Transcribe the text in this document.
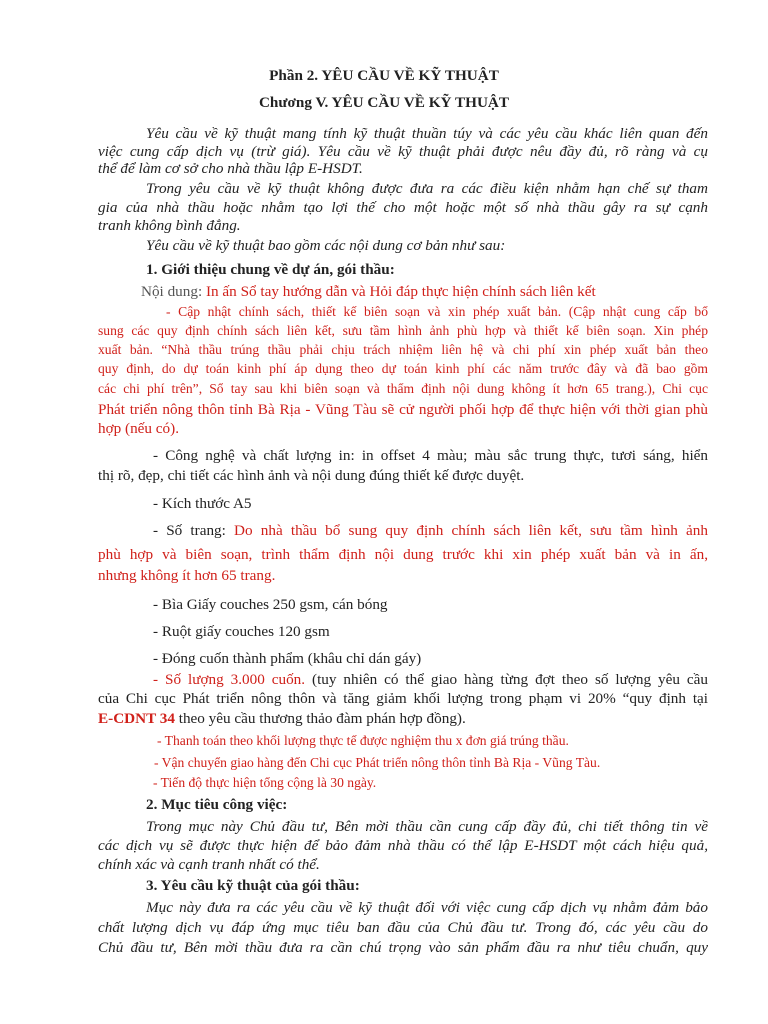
Phần 2. YÊU CẦU VỀ KỸ THUẬT
Chương V. YÊU CẦU VỀ KỸ THUẬT
Yêu cầu về kỹ thuật mang tính kỹ thuật thuần túy và các yêu cầu khác liên quan đến
việc cung cấp dịch vụ (trừ giá). Yêu cầu về kỹ thuật phải được nêu đầy đủ, rõ ràng và cụ
thể để làm cơ sở cho nhà thầu lập E-HSDT.
Trong yêu cầu về kỹ thuật không được đưa ra các điều kiện nhằm hạn chế sự tham
gia của nhà thầu hoặc nhằm tạo lợi thế cho một hoặc một số nhà thầu gây ra sự cạnh
tranh không bình đẳng.
Yêu cầu về kỹ thuật bao gồm các nội dung cơ bản như sau:
1. Giới thiệu chung về dự án, gói thầu:
Nội dung: In ấn Sổ tay hướng dẫn và Hỏi đáp thực hiện chính sách liên kết
- Cập nhật chính sách, thiết kế biên soạn và xin phép xuất bản. (Cập nhật cung cấp bổ
sung các quy định chính sách liên kết, sưu tầm hình ảnh phù hợp và thiết kế biên soạn. Xin phép
xuất bản. “Nhà thầu trúng thầu phải chịu trách nhiệm liên hệ và chi phí xin phép xuất bản theo
quy định, do dự toán kinh phí áp dụng theo dự toán kinh phí các năm trước đây và đã bao gồm
các chi phí trên”, Sổ tay sau khi biên soạn và thẩm định nội dung không ít hơn 65 trang.), Chi cục
Phát triển nông thôn tỉnh Bà Rịa - Vũng Tàu sẽ cử người phối hợp để thực hiện với thời gian phù
hợp (nếu có).
- Công nghệ và chất lượng in: in offset 4 màu; màu sắc trung thực, tươi sáng, hiển
thị rõ, đẹp, chi tiết các hình ảnh và nội dung đúng thiết kế được duyệt.
- Kích thước A5
- Số trang: Do nhà thầu bổ sung quy định chính sách liên kết, sưu tầm hình ảnh
phù hợp và biên soạn, trình thẩm định nội dung trước khi xin phép xuất bản và in ấn,
nhưng không ít hơn 65 trang.
- Bìa Giấy couches 250 gsm, cán bóng
- Ruột giấy couches 120 gsm
- Đóng cuốn thành phẩm (khâu chỉ dán gáy)
- Số lượng 3.000 cuốn. (tuy nhiên có thể giao hàng từng đợt theo số lượng yêu cầu
của Chi cục Phát triển nông thôn và tăng giảm khối lượng trong phạm vi 20% “quy định tại
E-CDNT 34 theo yêu cầu thương thảo đàm phán hợp đồng).
- Thanh toán theo khối lượng thực tế được nghiệm thu x đơn giá trúng thầu.
- Vận chuyển giao hàng đến Chi cục Phát triển nông thôn tỉnh Bà Rịa - Vũng Tàu.
- Tiến độ thực hiện tổng cộng là 30 ngày.
2. Mục tiêu công việc:
Trong mục này Chủ đầu tư, Bên mời thầu cần cung cấp đầy đủ, chi tiết thông tin về
các dịch vụ sẽ được thực hiện để bảo đảm nhà thầu có thể lập E-HSDT một cách hiệu quả,
chính xác và cạnh tranh nhất có thể.
3. Yêu cầu kỹ thuật của gói thầu:
Mục này đưa ra các yêu cầu về kỹ thuật đối với việc cung cấp dịch vụ nhằm đảm bảo
chất lượng dịch vụ đáp ứng mục tiêu ban đầu của Chủ đầu tư. Trong đó, các yêu cầu do
Chủ đầu tư, Bên mời thầu đưa ra cần chú trọng vào sản phẩm đầu ra như tiêu chuẩn, quy
